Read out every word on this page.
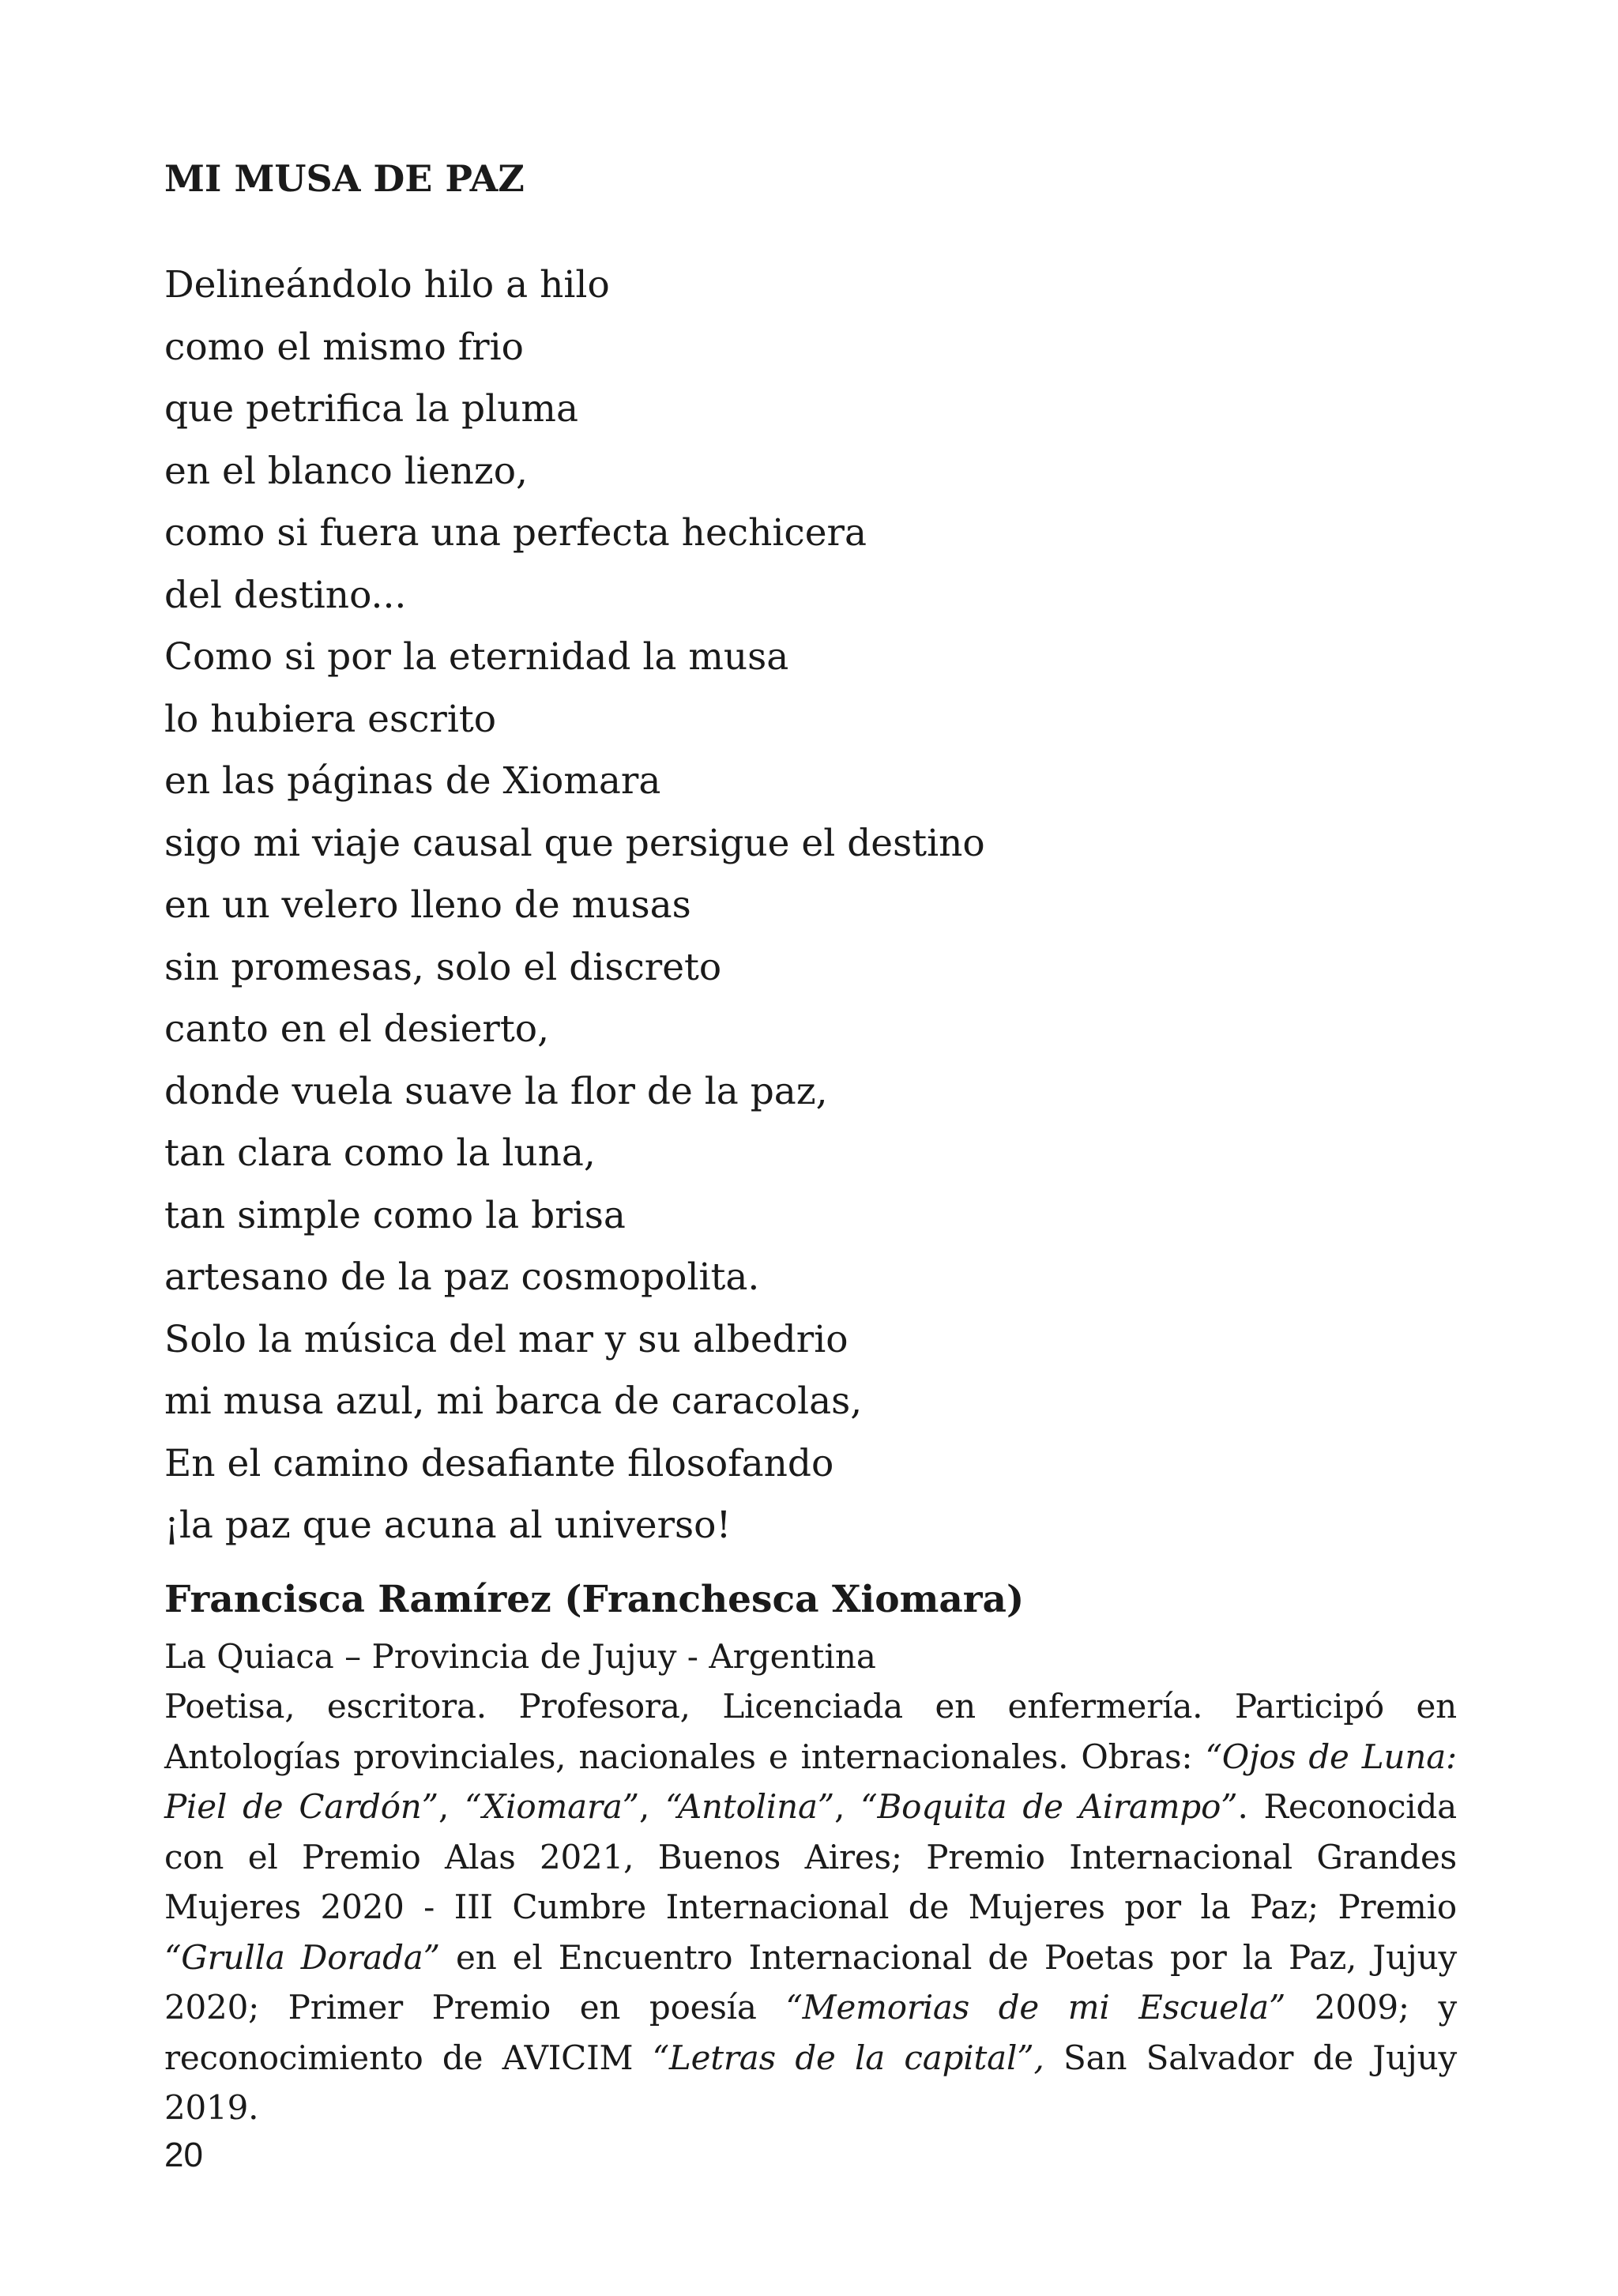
MI MUSA DE PAZ
Delineándolo hilo a hilo
como el mismo frio
que petrifica la pluma
en el blanco lienzo,
como si fuera una perfecta hechicera
del destino...
Como si por la eternidad la musa
lo hubiera escrito
en las páginas de Xiomara
sigo mi viaje causal que persigue el destino
en un velero lleno de musas
sin promesas, solo el discreto
canto en el desierto,
donde vuela suave la flor de la paz,
tan clara como la luna,
tan simple como la brisa
artesano de la paz cosmopolita.
Solo la música del mar y su albedrio
mi musa azul, mi barca de caracolas,
En el camino desafiante filosofando
¡la paz que acuna al universo!
Francisca Ramírez (Franchesca Xiomara)

La Quiaca – Provincia de Jujuy - Argentina

Poetisa, escritora. Profesora, Licenciada en enfermería. Participó en Antologías provinciales, nacionales e internacionales. Obras: “Ojos de Luna: Piel de Cardón”, “Xiomara”, “Antolina”, “Boquita de Airampo”. Reconocida con el Premio Alas 2021, Buenos Aires; Premio Internacional Grandes Mujeres 2020 - III Cumbre Internacional de Mujeres por la Paz; Premio “Grulla Dorada” en el Encuentro Internacional de Poetas por la Paz, Jujuy 2020; Primer Premio en poesía “Memorias de mi Escuela” 2009; y reconocimiento de AVICIM “Letras de la capital”, San Salvador de Jujuy 2019.

20
